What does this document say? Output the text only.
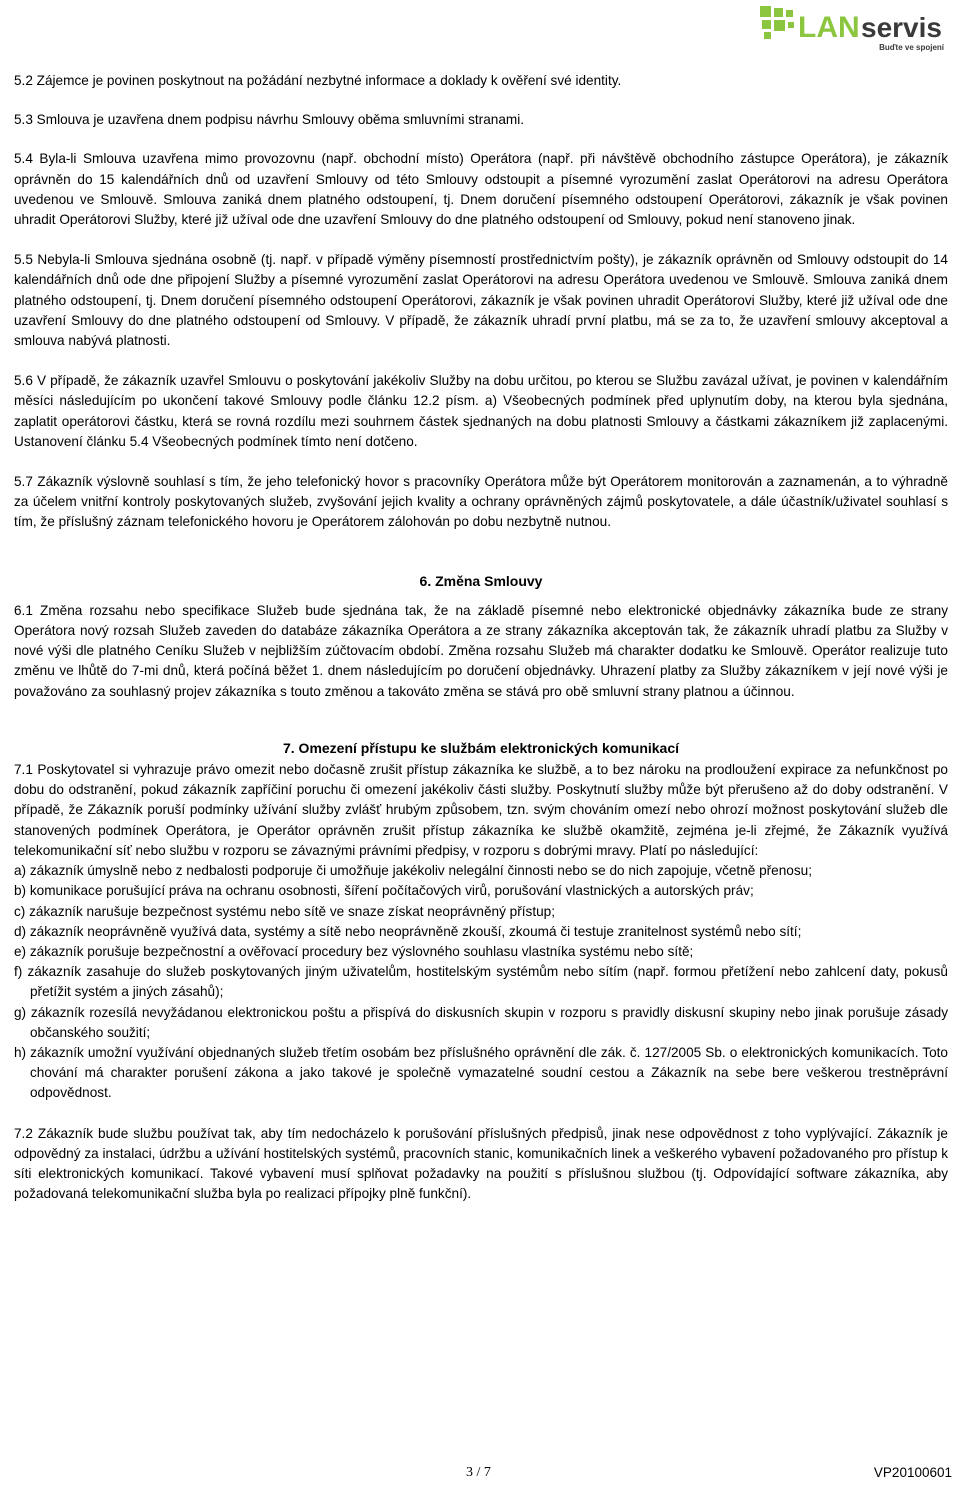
LAN servis
Buďte ve spojení

5.2 Zájemce je povinen poskytnout na požádání nezbytné informace a doklady k ověření své identity.

5.3 Smlouva je uzavřena dnem podpisu návrhu Smlouvy oběma smluvními stranami.

5.4 Byla-li Smlouva uzavřena mimo provozovnu (např. obchodní místo) Operátora (např. při návštěvě obchodního zástupce Operátora), je zákazník oprávněn do 15 kalendářních dnů od uzavření Smlouvy od této Smlouvy odstoupit a písemné vyrozumění zaslat Operátorovi na adresu Operátora uvedenou ve Smlouvě. Smlouva zaniká dnem platného odstoupení, tj. Dnem doručení písemného odstoupení Operátorovi, zákazník je však povinen uhradit Operátorovi Služby, které již užíval ode dne uzavření Smlouvy do dne platného odstoupení od Smlouvy, pokud není stanoveno jinak.

5.5 Nebyla-li Smlouva sjednána osobně (tj. např. v případě výměny písemností prostřednictvím pošty), je zákazník oprávněn od Smlouvy odstoupit do 14 kalendářních dnů ode dne připojení Služby a písemné vyrozumění zaslat Operátorovi na adresu Operátora uvedenou ve Smlouvě. Smlouva zaniká dnem platného odstoupení, tj. Dnem doručení písemného odstoupení Operátorovi, zákazník je však povinen uhradit Operátorovi Služby, které již užíval ode dne uzavření Smlouvy do dne platného odstoupení od Smlouvy. V případě, že zákazník uhradí první platbu, má se za to, že uzavření smlouvy akceptoval a smlouva nabývá platnosti.

5.6 V případě, že zákazník uzavřel Smlouvu o poskytování jakékoliv Služby na dobu určitou, po kterou se Službu zavázal užívat, je povinen v kalendářním měsíci následujícím po ukončení takové Smlouvy podle článku 12.2 písm. a) Všeobecných podmínek před uplynutím doby, na kterou byla sjednána, zaplatit operátorovi částku, která se rovná rozdílu mezi souhrnem částek sjednaných na dobu platnosti Smlouvy a částkami zákazníkem již zaplacenými. Ustanovení článku 5.4 Všeobecných podmínek tímto není dotčeno.

5.7 Zákazník výslovně souhlasí s tím, že jeho telefonický hovor s pracovníky Operátora může být Operátorem monitorován a zaznamenán, a to výhradně za účelem vnitřní kontroly poskytovaných služeb, zvyšování jejich kvality a ochrany oprávněných zájmů poskytovatele, a dále účastník/uživatel souhlasí s tím, že příslušný záznam telefonického hovoru je Operátorem zálohován po dobu nezbytně nutnou.

6. Změna Smlouvy

6.1 Změna rozsahu nebo specifikace Služeb bude sjednána tak, že na základě písemné nebo elektronické objednávky zákazníka bude ze strany Operátora nový rozsah Služeb zaveden do databáze zákazníka Operátora a ze strany zákazníka akceptován tak, že zákazník uhradí platbu za Služby v nové výši dle platného Ceníku Služeb v nejbližším zúčtovacím období. Změna rozsahu Služeb má charakter dodatku ke Smlouvě. Operátor realizuje tuto změnu ve lhůtě do 7-mi dnů, která počíná běžet 1. dnem následujícím po doručení objednávky. Uhrazení platby za Služby zákazníkem v její nové výši je považováno za souhlasný projev zákazníka s touto změnou a takováto změna se stává pro obě smluvní strany platnou a účinnou.

7. Omezení přístupu ke službám elektronických komunikací

7.1 Poskytovatel si vyhrazuje právo omezit nebo dočasně zrušit přístup zákazníka ke službě, a to bez nároku na prodloužení expirace za nefunkčnost po dobu do odstranění, pokud zákazník zapříčiní poruchu či omezení jakékoliv části služby. Poskytnutí služby může být přerušeno až do doby odstranění. V případě, že Zákazník poruší podmínky užívání služby zvlášť hrubým způsobem, tzn. svým chováním omezí nebo ohrozí možnost poskytování služeb dle stanovených podmínek Operátora, je Operátor oprávněn zrušit přístup zákazníka ke službě okamžitě, zejména je-li zřejmé, že Zákazník využívá telekomunikační síť nebo službu v rozporu se závaznými právními předpisy, v rozporu s dobrými mravy. Platí po následující:

a) zákazník úmyslně nebo z nedbalosti podporuje či umožňuje jakékoliv nelegální činnosti nebo se do nich zapojuje, včetně přenosu;
b) komunikace porušující práva na ochranu osobnosti, šíření počítačových virů, porušování vlastnických a autorských práv;
c) zákazník narušuje bezpečnost systému nebo sítě ve snaze získat neoprávněný přístup;
d) zákazník neoprávněně využívá data, systémy a sítě nebo neoprávněně zkouší, zkoumá či testuje zranitelnost systémů nebo sítí;
e) zákazník porušuje bezpečnostní a ověřovací procedury bez výslovného souhlasu vlastníka systému nebo sítě;
f) zákazník zasahuje do služeb poskytovaných jiným uživatelům, hostitelským systémům nebo sítím (např. formou přetížení nebo zahlcení daty, pokusů přetížit systém a jiných zásahů);
g) zákazník rozesílá nevyžádanou elektronickou poštu a přispívá do diskusních skupin v rozporu s pravidly diskusní skupiny nebo jinak porušuje zásady občanského soužití;
h) zákazník umožní využívání objednaných služeb třetím osobám bez příslušného oprávnění dle zák. č. 127/2005 Sb. o elektronických komunikacích. Toto chování má charakter porušení zákona a jako takové je společně vymazatelné soudní cestou a Zákazník na sebe bere veškerou trestněprávní odpovědnost.

7.2 Zákazník bude službu používat tak, aby tím nedocházelo k porušování příslušných předpisů, jinak nese odpovědnost z toho vyplývající. Zákazník je odpovědný za instalaci, údržbu a užívání hostitelských systémů, pracovních stanic, komunikačních linek a veškerého vybavení požadovaného pro přístup k síti elektronických komunikací. Takové vybavení musí splňovat požadavky na použití s příslušnou službou (tj. Odpovídající software zákazníka, aby požadovaná telekomunikační služba byla po realizaci přípojky plně funkční).

3 / 7	VP20100601
